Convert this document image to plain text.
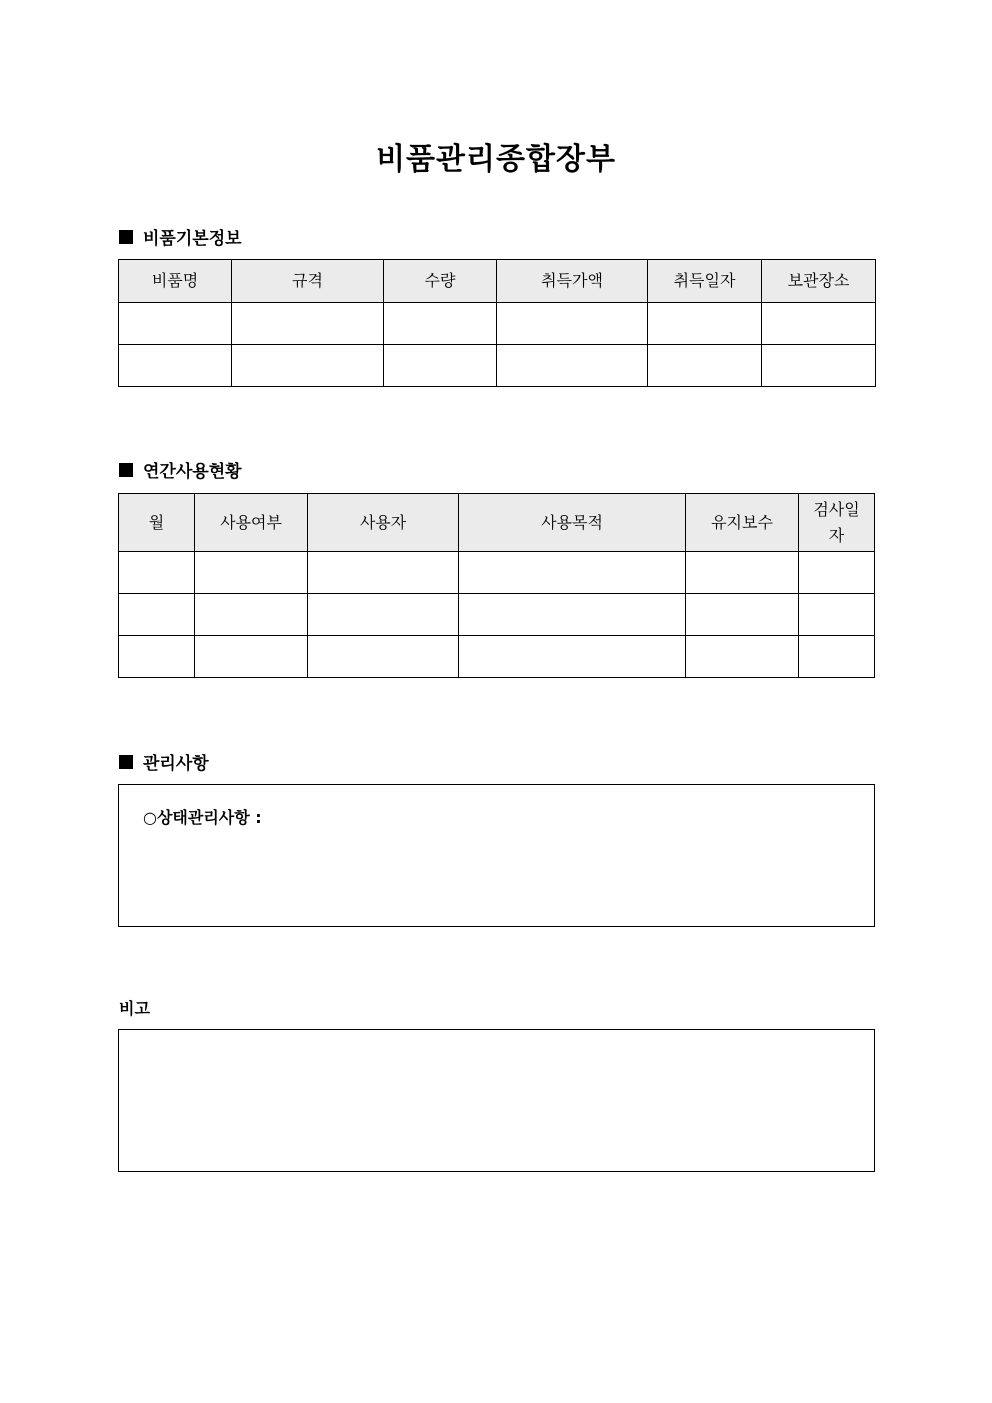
비품관리종합장부
비품기본정보
비품명	규격	수량	취득가액	취득일자	보관장소

연간사용현황
월	사용여부	사용자	사용목적	유지보수	검사일자

관리사항
○상태관리사항 :
비고
